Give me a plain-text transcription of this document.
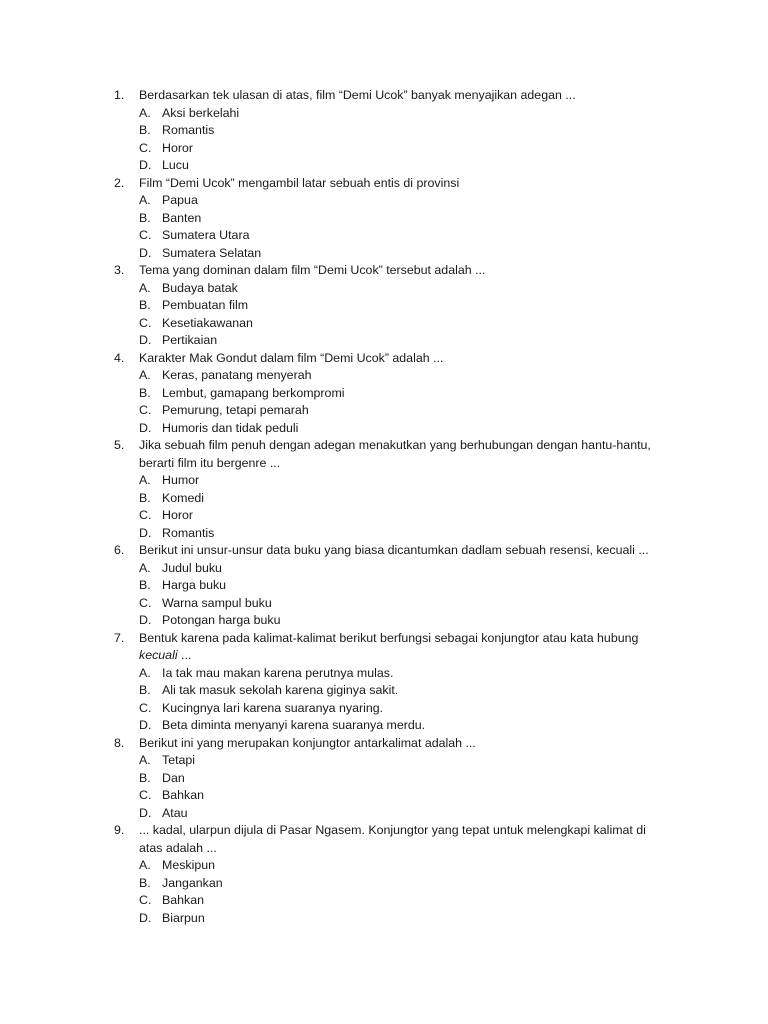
1.	Berdasarkan tek ulasan di atas, film “Demi Ucok” banyak menyajikan adegan ...
A. Aksi berkelahi
B. Romantis
C. Horor
D. Lucu
2.	Film “Demi Ucok” mengambil latar sebuah entis di provinsi
A. Papua
B. Banten
C. Sumatera Utara
D. Sumatera Selatan
3.	Tema yang dominan dalam film “Demi Ucok” tersebut adalah ...
A. Budaya batak
B. Pembuatan film
C. Kesetiakawanan
D. Pertikaian
4.	Karakter Mak Gondut dalam film “Demi Ucok” adalah ...
A. Keras, panatang menyerah
B. Lembut, gamapang berkompromi
C. Pemurung, tetapi pemarah
D. Humoris dan tidak peduli
5.	Jika sebuah film penuh dengan adegan menakutkan yang berhubungan dengan hantu-hantu,
berarti film itu bergenre ...
A. Humor
B. Komedi
C. Horor
D. Romantis
6.	Berikut ini unsur-unsur data buku yang biasa dicantumkan dadlam sebuah resensi, kecuali ...
A. Judul buku
B. Harga buku
C. Warna sampul buku
D. Potongan harga buku
7.	Bentuk karena pada kalimat-kalimat berikut berfungsi sebagai konjungtor atau kata hubung
kecuali ...
A. Ia tak mau makan karena perutnya mulas.
B. Ali tak masuk sekolah karena giginya sakit.
C. Kucingnya lari karena suaranya nyaring.
D. Beta diminta menyanyi karena suaranya merdu.
8.	Berikut ini yang merupakan konjungtor antarkalimat adalah ...
A. Tetapi
B. Dan
C. Bahkan
D. Atau
9.	... kadal, ularpun dijula di Pasar Ngasem. Konjungtor yang tepat untuk melengkapi kalimat di
atas adalah ...
A. Meskipun
B. Jangankan
C. Bahkan
D. Biarpun
